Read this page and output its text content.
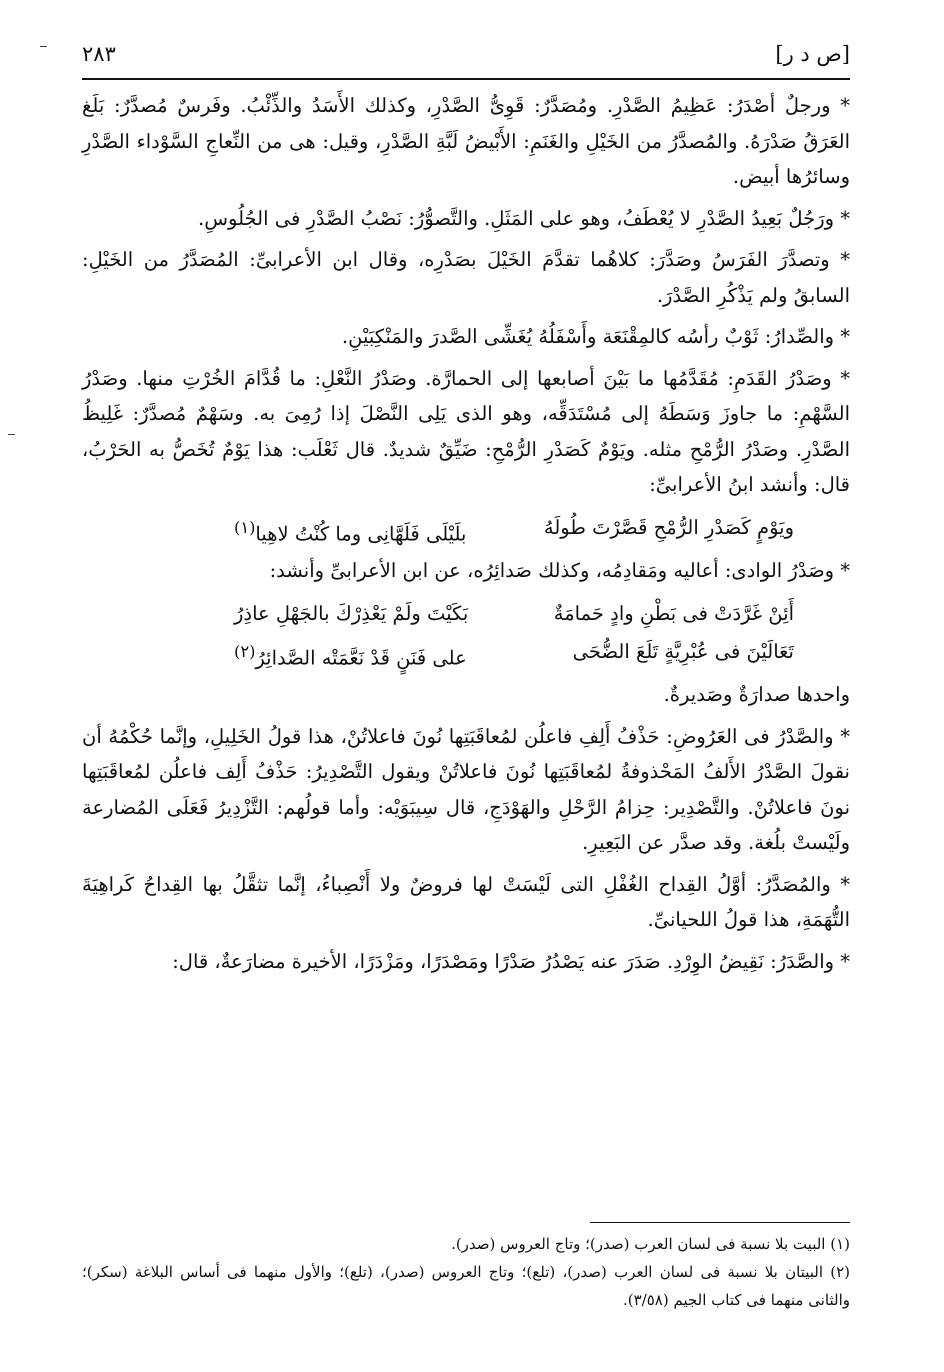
[ص د ر]
٢٨٣

* ورجلٌ أصْدَرُ: عَظِيمُ الصَّدْرِ. ومُصَدَّرٌ: قَوِىُّ الصَّدْرِ، وكذلك الأَسَدُ والذِّئْبُ. وفَرسٌ مُصدَّرٌ: بَلَغ العَرَقُ صَدْرَهُ. والمُصدَّرُ من الخَيْلِ والغَنَمِ: الأَبْيضُ لَبَّةِ الصَّدْرِ، وقيل: هى من النِّعاجِ السَّوْداء الصَّدْرِ وسائرُها أبيض.

* ورَجُلٌ بَعِيدُ الصَّدْرِ لا يُعْطَفُ، وهو على المَثَلِ. والتَّصوُّرُ: نَصْبُ الصَّدْرِ فى الجُلُوسِ.

* وتصدَّرَ الفَرَسُ وصَدَّرَ: كلاهُما تقدَّمَ الخَيْلَ بصَدْرِه، وقال ابن الأعرابىِّ: المُصَدَّرُ من الخَيْلِ: السابقُ ولم يَذْكُرِ الصَّدْرَ.

* والصِّدارُ: ثَوْبٌ رأسُه كالمِقْنَعَة وأَسْفَلُهُ يُغَشِّى الصَّدرَ والمَنْكِبَيْنِ.

* وصَدْرُ القَدَمِ: مُقَدَّمُها ما بَيْنَ أصابعها إلى الحمارَّة. وصَدْرُ النَّعْلِ: ما قُدَّامَ الخُرْتِ منها. وصَدْرُ السَّهْمِ: ما جاوزَ وَسَطَهُ إلى مُسْتَدَقِّه، وهو الذى يَلِى النَّصْلَ إذا رُمِىَ به. وسَهْمٌ مُصدَّرٌ: غَلِيظُ الصَّدْرِ. وصَدْرُ الرُّمْحِ مثله. ويَوْمٌ كَصَدْرِ الرُّمْحِ: ضَيِّقٌ شديدٌ. قال ثَعْلَب: هذا يَوْمٌ تُخَصُّ به الحَرْبُ، قال: وأنشد ابنُ الأعرابىِّ:

ويَوْمٍ كَصَدْرِ الرُّمْحِ قَصَّرْتَ طُولَهُ
بلَيْلَى فَلَهَّانِى وما كُنْتُ لاهِيا$^{(١)}$

* وصَدْرُ الوادى: أعاليه ومَقادِمُه، وكذلك صَدائِرُه، عن ابن الأعرابىِّ وأنشد:

أَئِنْ غَرَّدَتْ فى بَطْنِ وادٍ حَمامَةٌ
بَكَيْتَ ولَمْ يَعْذِرْكَ بالجَهْلِ عاذِرُ
تَعَالَيْنَ فى عُبْرِيَّةٍ تَلَعَ الضُّحَى
على فَنَنٍ قَدْ نَعَّمَتْه الصَّدائِرُ$^{(٢)}$

واحدها صدارَةٌ وصَديرةٌ.

* والصَّدْرُ فى العَرُوضِ: حَذْفُ أَلِفِ فاعلُن لمُعاقَبَتِها نُونَ فاعلاتُنْ، هذا قولُ الخَلِيلِ، وإنَّما حُكْمُهُ أن نقولَ الصَّدْرُ الأَلفُ المَحْذوفةُ لمُعاقَبَتِها نُونَ فاعلاتُنْ ويقول التَّصْدِيرُ: حَذْفُ أَلِف فاعلُن لمُعاقَبَتِها نونَ فاعلاتُنْ. والتَّصْدِير: حِزامُ الرَّحْلِ والهَوْدَجِ، قال سِيبَوَيْه: وأما قولُهم: التَّزْدِيرُ فَعَلَى المُضارعة ولَيْستْ بلُغة. وقد صدَّر عن البَعِيرِ.

* والمُصَدَّرُ: أوَّلُ القِداح الغُفْلِ التى لَيْسَتْ لها فروضٌ ولا أَنْصِباءُ، إنَّما تثقَّلُ بها القِداحُ كَراهِيَةَ التُّهَمَةِ، هذا قولُ اللحيانىِّ.

* والصَّدَرُ: نَقِيضُ الوِرْدِ. صَدَرَ عنه يَصْدُرُ صَدْرًا ومَصْدَرًا، ومَزْدَرًا، الأخيرة مضارَعةٌ، قال:

(١) البيت بلا نسبة فى لسان العرب (صدر)؛ وتاج العروس (صدر).

(٢) البيتان بلا نسبة فى لسان العرب (صدر)، (تلع)؛ وتاج العروس (صدر)، (تلع)؛ والأول منهما فى أساس البلاغة (سكر)؛ والثانى منهما فى كتاب الجيم (٣/٥٨).
